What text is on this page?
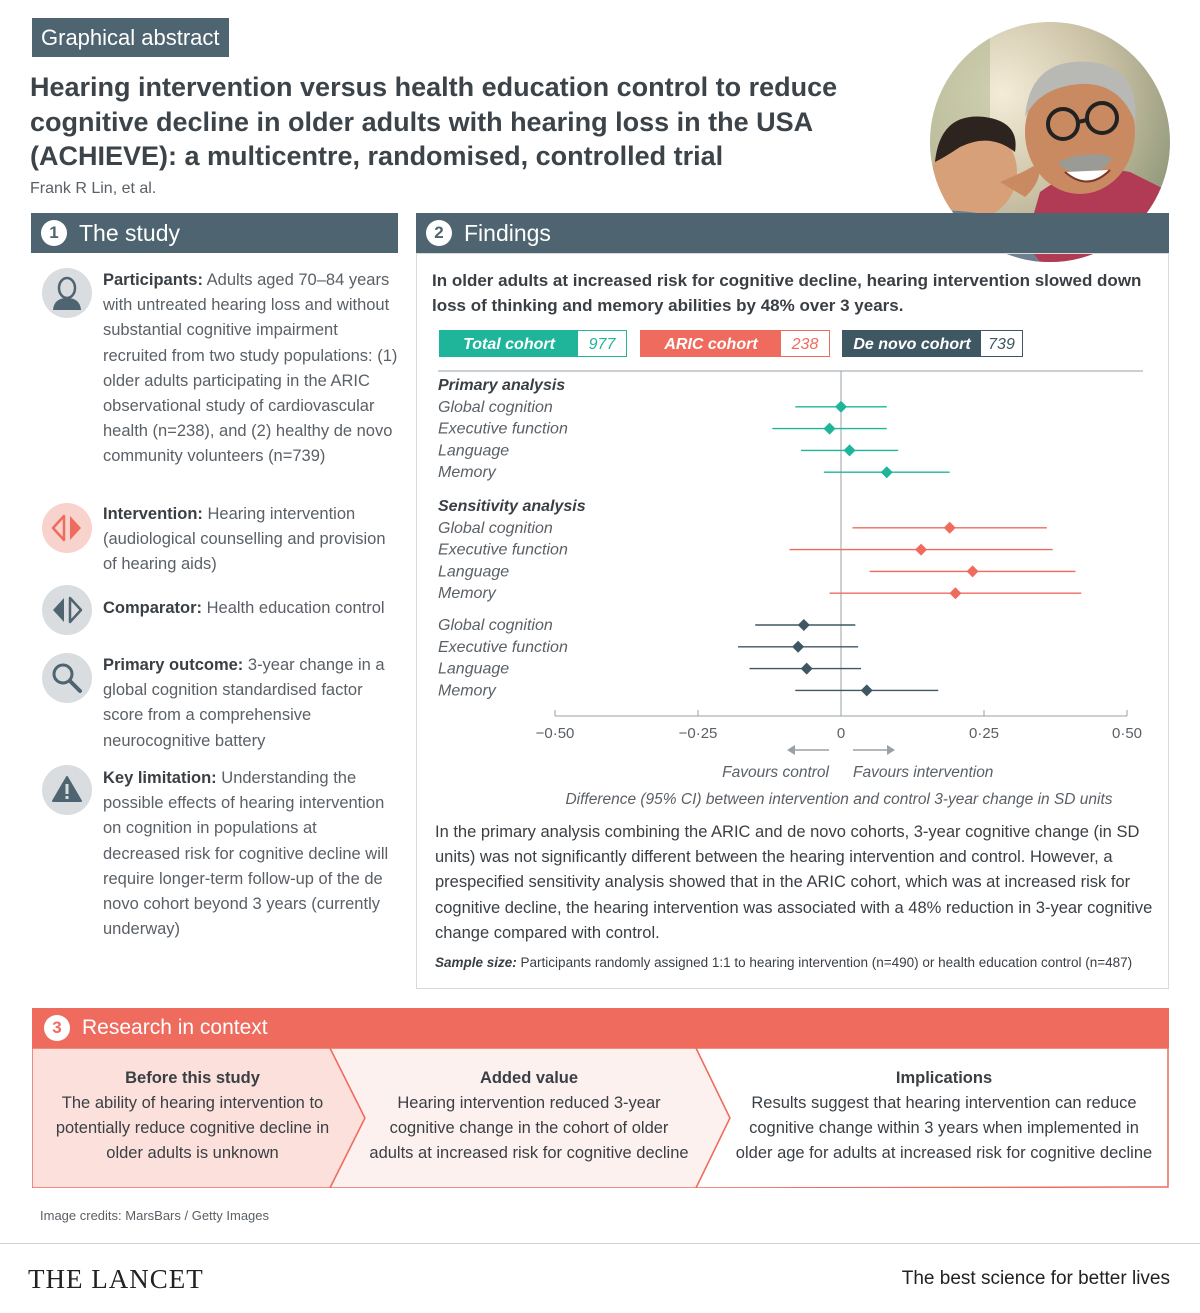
Graphical abstract
Hearing intervention versus health education control to reduce cognitive decline in older adults with hearing loss in the USA (ACHIEVE): a multicentre, randomised, controlled trial
Frank R Lin, et al.
1 The study
Participants: Adults aged 70–84 years with untreated hearing loss and without substantial cognitive impairment recruited from two study populations: (1) older adults participating in the ARIC observational study of cardiovascular health (n=238), and (2) healthy de novo community volunteers (n=739)
Intervention: Hearing intervention (audiological counselling and provision of hearing aids)
Comparator: Health education control
Primary outcome: 3-year change in a global cognition standardised factor score from a comprehensive neurocognitive battery
Key limitation: Understanding the possible effects of hearing intervention on cognition in populations at decreased risk for cognitive decline will require longer-term follow-up of the de novo cohort beyond 3 years (currently underway)
2 Findings
In older adults at increased risk for cognitive decline, hearing intervention slowed down loss of thinking and memory abilities by 48% over 3 years.
Total cohort	977	ARIC cohort	238	De novo cohort	739
−0·50	−0·25	0	0·25	0·50
Favours control Favours intervention
Difference (95% CI) between intervention and control 3-year change in SD units
Primary analysis
Global cognition
Executive function
Language
Memory
Sensitivity analysis
Global cognition
Executive function
Language
Memory
Global cognition
Executive function
Language
Memory
In the primary analysis combining the ARIC and de novo cohorts, 3-year cognitive change (in SD units) was not significantly different between the hearing intervention and control. However, a prespecified sensitivity analysis showed that in the ARIC cohort, which was at increased risk for cognitive decline, the hearing intervention was associated with a 48% reduction in 3-year cognitive change compared with control.
Sample size: Participants randomly assigned 1:1 to hearing intervention (n=490) or health education control (n=487)
3 Research in context
Before this study
The ability of hearing intervention to potentially reduce cognitive decline in older adults is unknown
Added value
Hearing intervention reduced 3-year cognitive change in the cohort of older adults at increased risk for cognitive decline
Implications
Results suggest that hearing intervention can reduce cognitive change within 3 years when implemented in older age for adults at increased risk for cognitive decline
Image credits: MarsBars / Getty Images
THE LANCET	The best science for better lives
